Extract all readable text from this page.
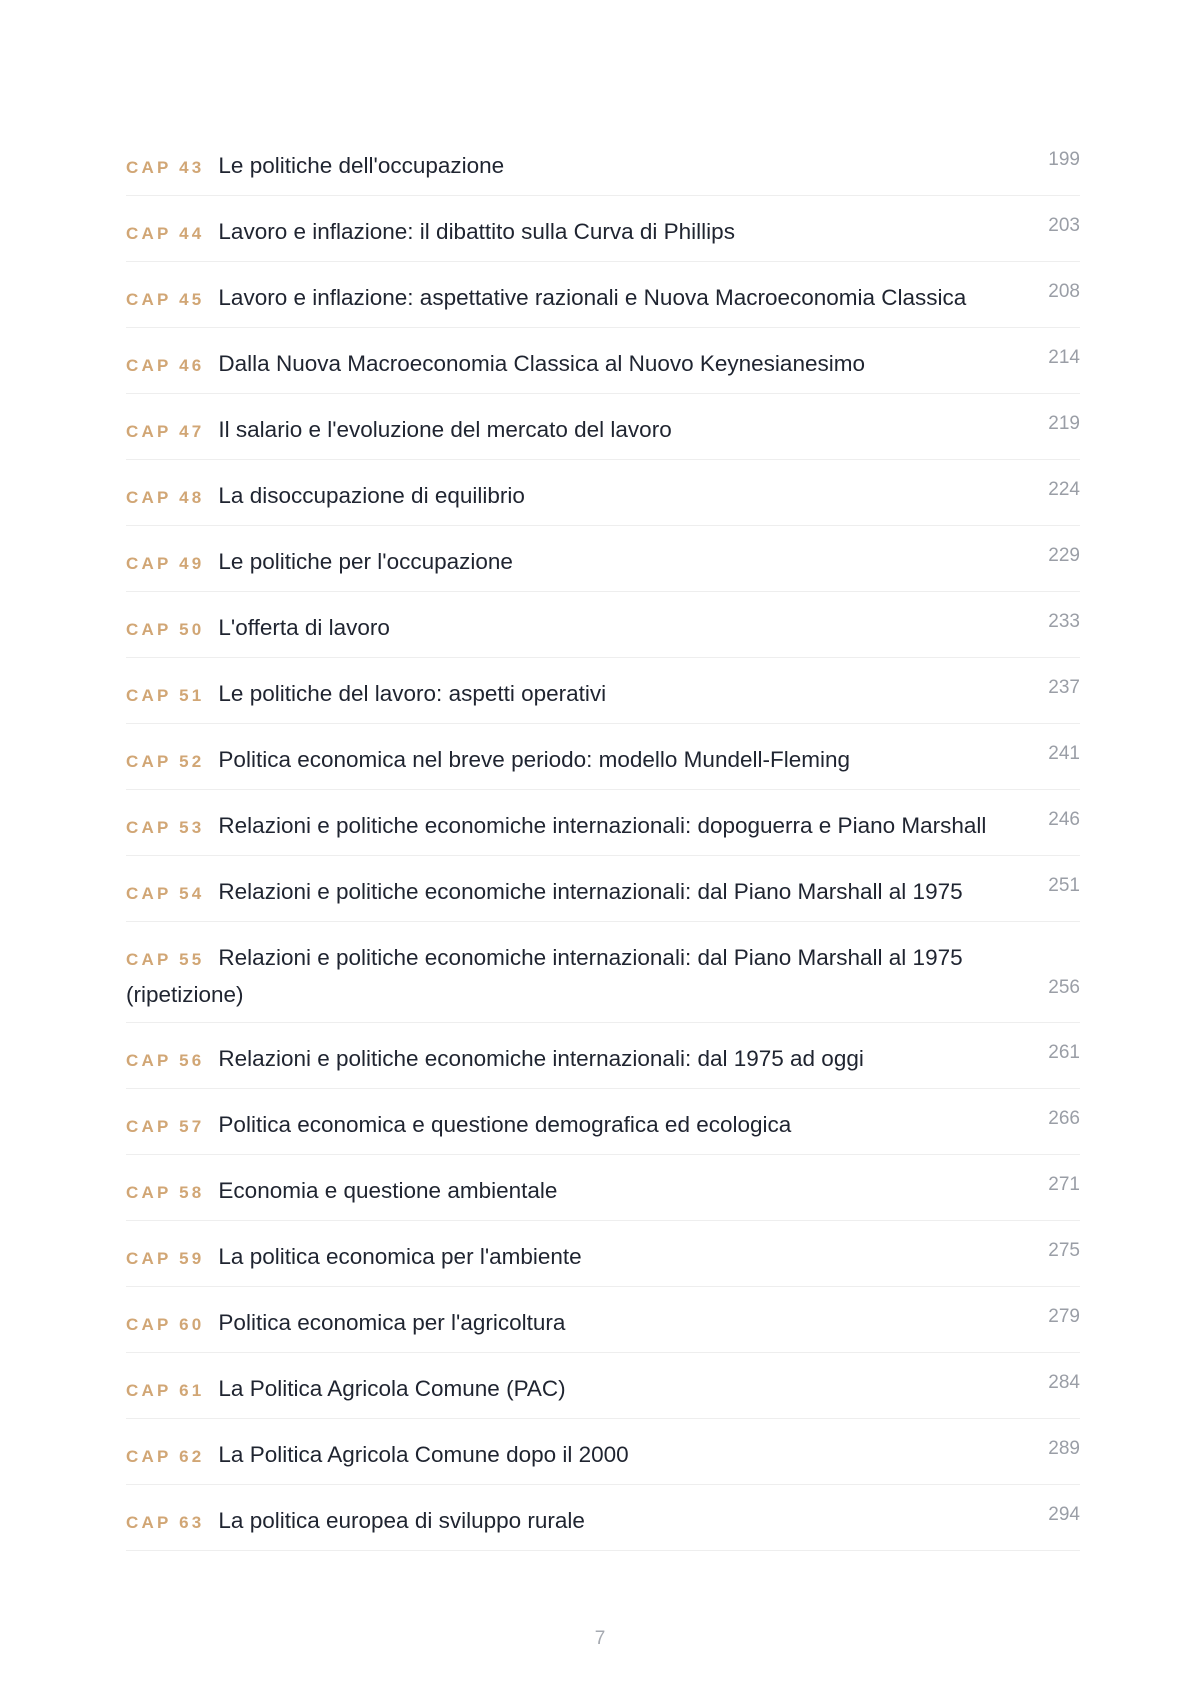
CAP 43 Le politiche dell'occupazione	199

CAP 44 Lavoro e inflazione: il dibattito sulla Curva di Phillips	203

CAP 45 Lavoro e inflazione: aspettative razionali e Nuova Macroeconomia Classica	208

CAP 46 Dalla Nuova Macroeconomia Classica al Nuovo Keynesianesimo	214

CAP 47 Il salario e l'evoluzione del mercato del lavoro	219

CAP 48 La disoccupazione di equilibrio	224

CAP 49 Le politiche per l'occupazione	229

CAP 50 L'offerta di lavoro	233

CAP 51 Le politiche del lavoro: aspetti operativi	237

CAP 52 Politica economica nel breve periodo: modello Mundell-Fleming	241

CAP 53 Relazioni e politiche economiche internazionali: dopoguerra e Piano Marshall	246

CAP 54 Relazioni e politiche economiche internazionali: dal Piano Marshall al 1975	251

CAP 55 Relazioni e politiche economiche internazionali: dal Piano Marshall al 1975 (ripetizione)	256

CAP 56 Relazioni e politiche economiche internazionali: dal 1975 ad oggi	261

CAP 57 Politica economica e questione demografica ed ecologica	266

CAP 58 Economia e questione ambientale	271

CAP 59 La politica economica per l'ambiente	275

CAP 60 Politica economica per l'agricoltura	279

CAP 61 La Politica Agricola Comune (PAC)	284

CAP 62 La Politica Agricola Comune dopo il 2000	289

CAP 63 La politica europea di sviluppo rurale	294
7
